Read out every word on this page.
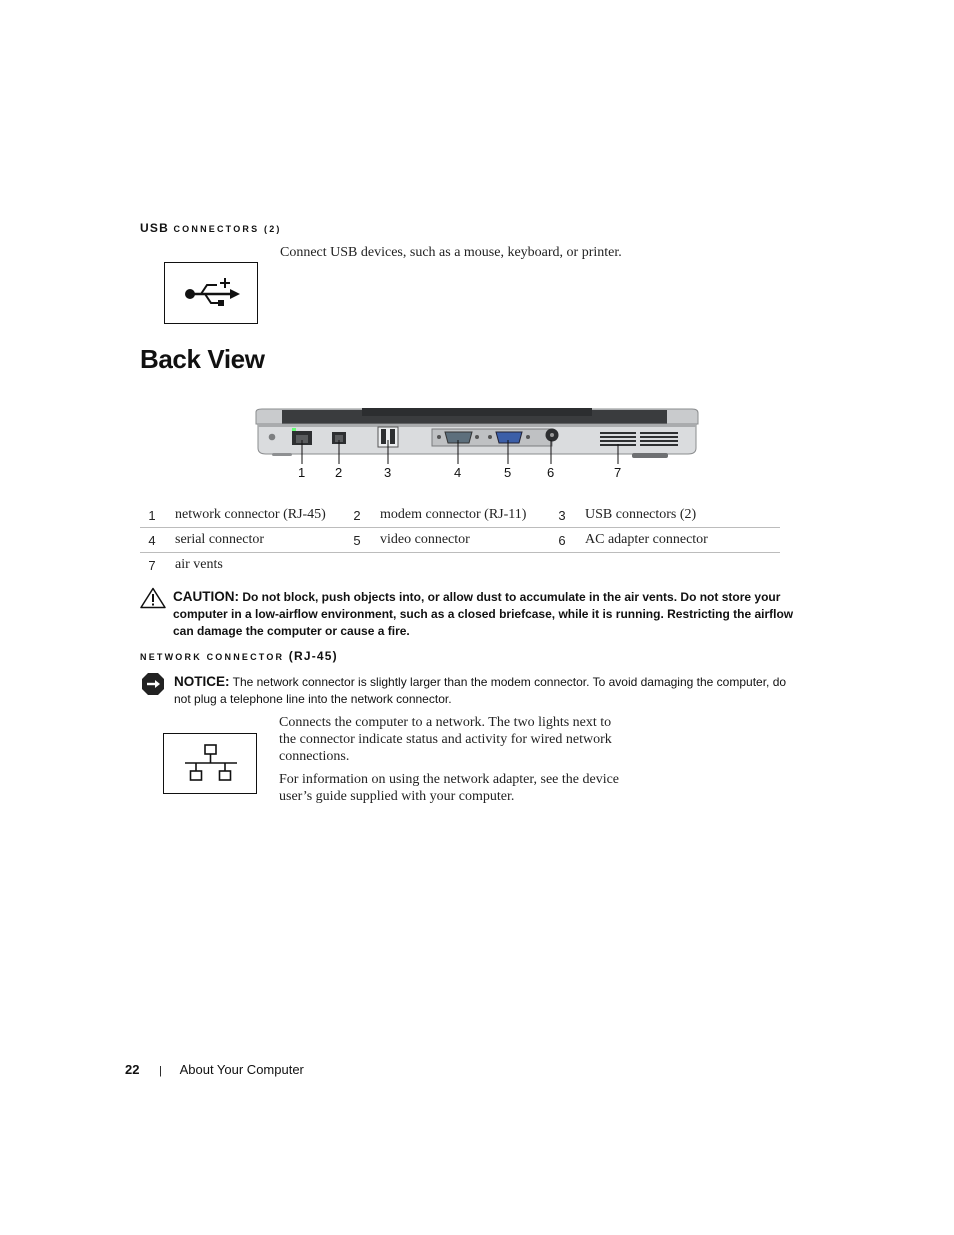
USB CONNECTORS (2)
Connect USB devices, such as a mouse, keyboard, or printer.
Back View
1 2	3	4	5	6	7
1	network connector (RJ-45)	2	modem connector (RJ-11)	3	USB connectors (2)
4	serial connector	5	video connector	6	AC adapter connector
7	air vents				
CAUTION: Do not block, push objects into, or allow dust to accumulate in the air vents. Do not store your
computer in a low-airflow environment, such as a closed briefcase, while it is running. Restricting the airflow
can damage the computer or cause a fire.
NETWORK CONNECTOR (RJ-45)
NOTICE: The network connector is slightly larger than the modem connector. To avoid damaging the computer, do
not plug a telephone line into the network connector.
Connects the computer to a network. The two lights next to
the connector indicate status and activity for wired network
connections.
For information on using the network adapter, see the device
user’s guide supplied with your computer.
22 | About Your Computer
